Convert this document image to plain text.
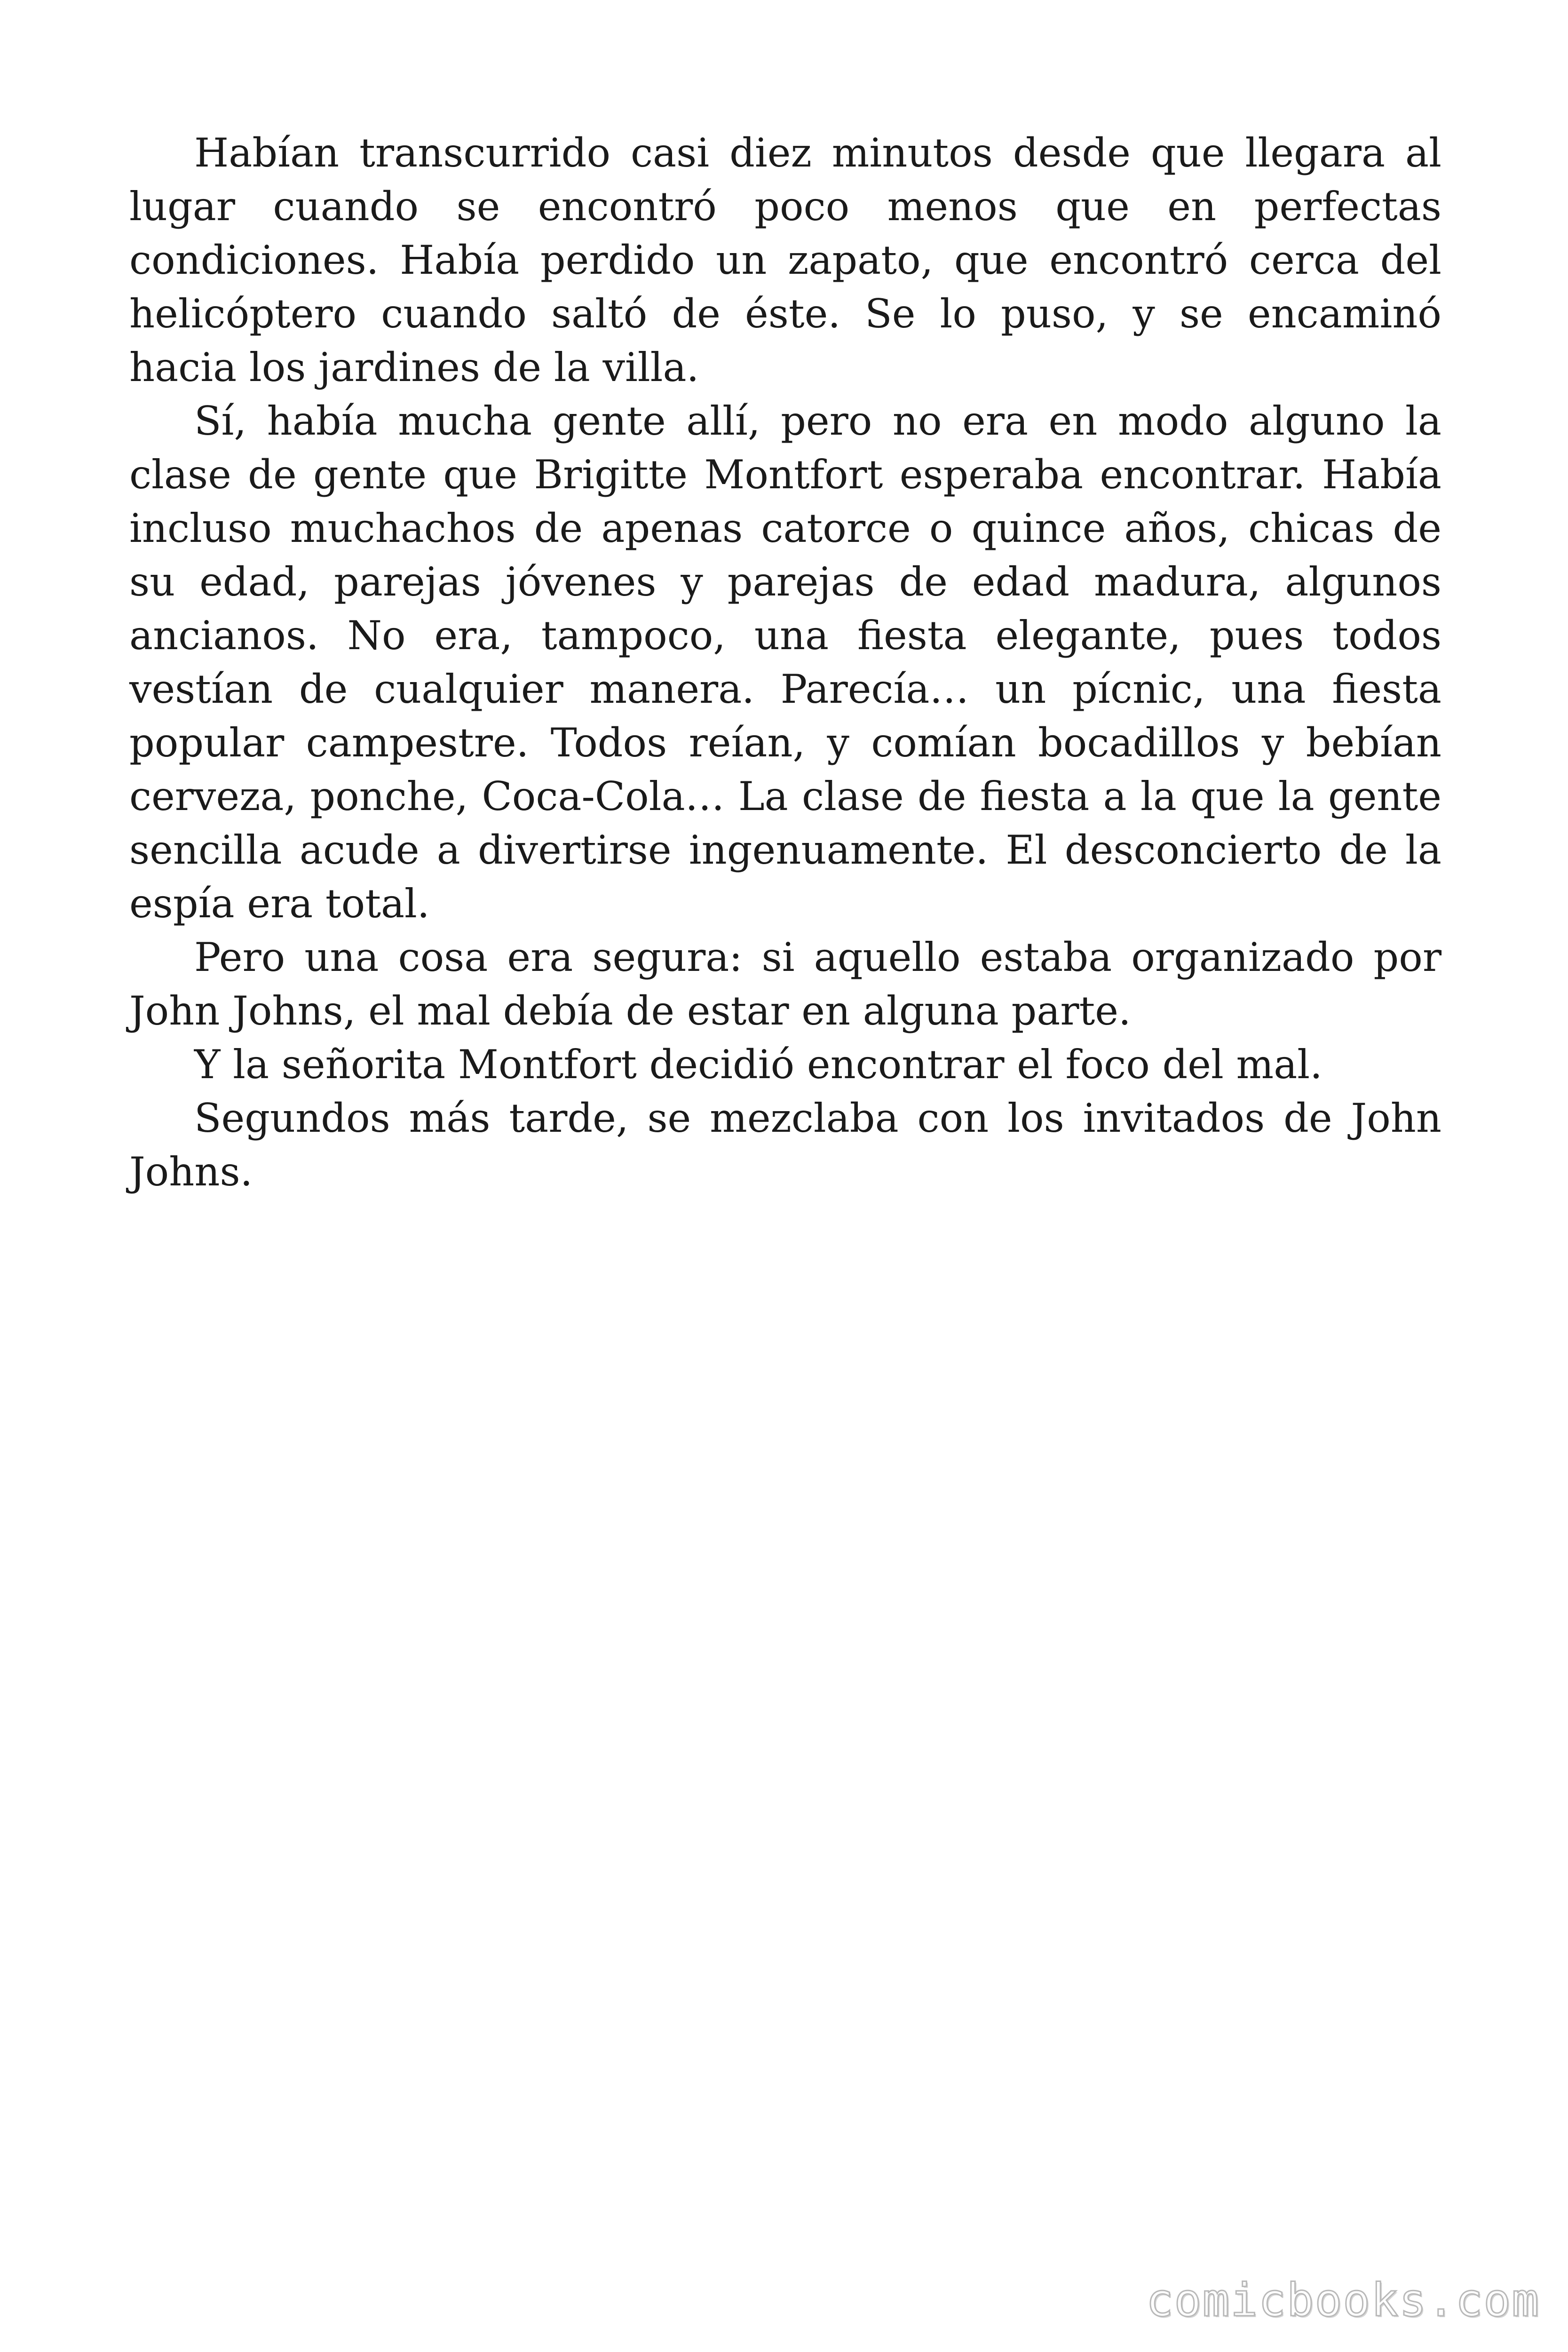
Habían transcurrido casi diez minutos desde que llegara al lugar cuando se encontró poco menos que en perfectas condiciones. Había perdido un zapato, que encontró cerca del helicóptero cuando saltó de éste. Se lo puso, y se encaminó hacia los jardines de la villa.

Sí, había mucha gente allí, pero no era en modo alguno la clase de gente que Brigitte Montfort esperaba encontrar. Había incluso muchachos de apenas catorce o quince años, chicas de su edad, parejas jóvenes y parejas de edad madura, algunos ancianos. No era, tampoco, una fiesta elegante, pues todos vestían de cualquier manera. Parecía… un pícnic, una fiesta popular campestre. Todos reían, y comían bocadillos y bebían cerveza, ponche, Coca-Cola… La clase de fiesta a la que la gente sencilla acude a divertirse ingenuamente. El desconcierto de la espía era total.

Pero una cosa era segura: si aquello estaba organizado por John Johns, el mal debía de estar en alguna parte.

Y la señorita Montfort decidió encontrar el foco del mal.

Segundos más tarde, se mezclaba con los invitados de John Johns.

comicbooks.com
